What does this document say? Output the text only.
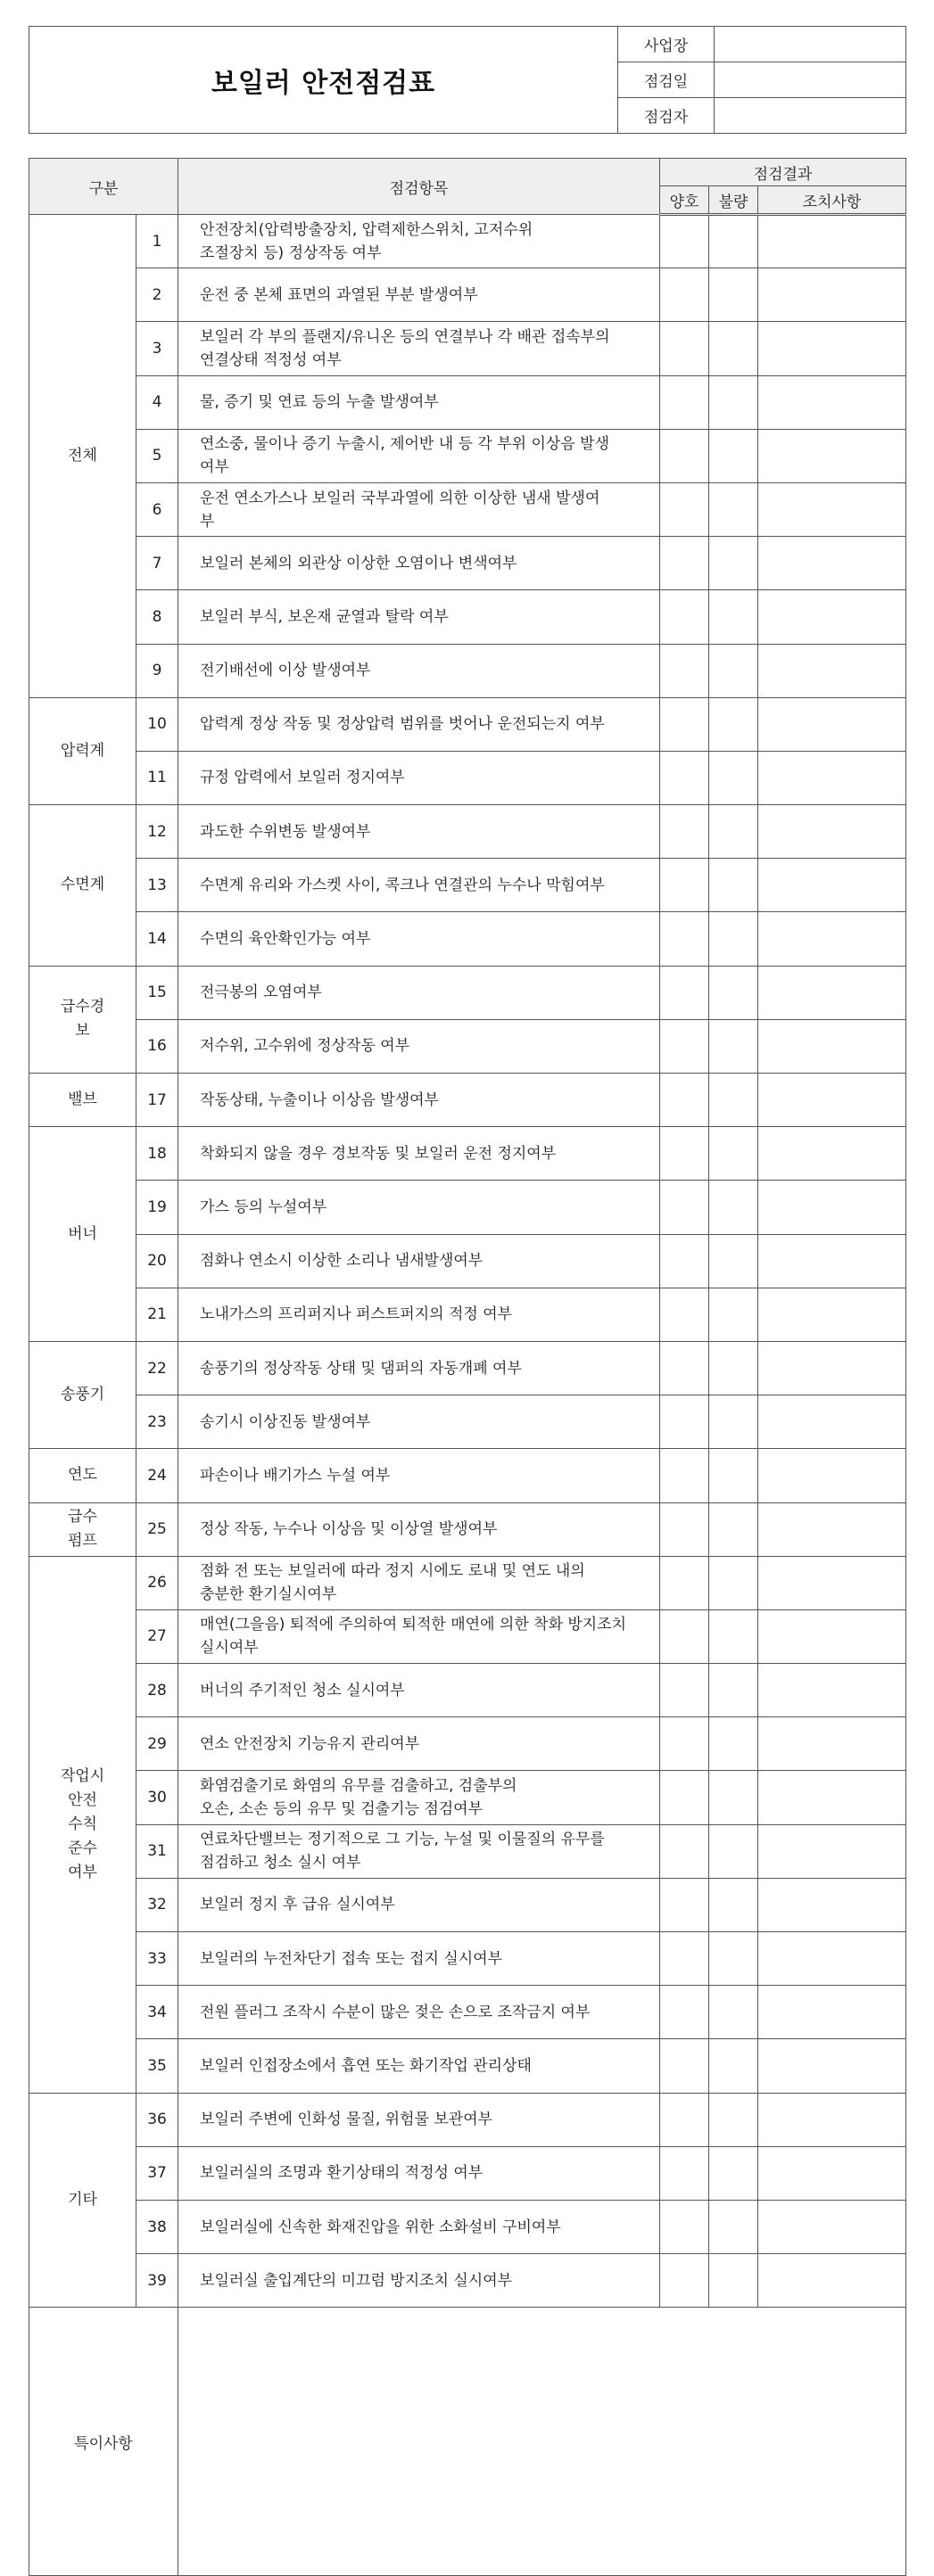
보일러 안전점검표	사업장	
	점검일	
	점검자	
구분		점검항목	점검결과		
			양호	불량	조치사항
전체	1	안전장치(압력방출장치, 압력제한스위치, 고저수위
조절장치 등) 정상작동 여부			
	2	운전 중 본체 표면의 과열된 부분 발생여부			
	3	보일러 각 부의 플랜지/유니온 등의 연결부나 각 배관 접속부의
연결상태 적정성 여부			
	4	물, 증기 및 연료 등의 누출 발생여부			
	5	연소중, 물이나 증기 누출시, 제어반 내 등 각 부위 이상음 발생
여부			
	6	운전 연소가스나 보일러 국부과열에 의한 이상한 냄새 발생여
부			
	7	보일러 본체의 외관상 이상한 오염이나 변색여부			
	8	보일러 부식, 보온재 균열과 탈락 여부			
	9	전기배선에 이상 발생여부			
압력계	10	압력계 정상 작동 및 정상압력 범위를 벗어나 운전되는지 여부			
	11	규정 압력에서 보일러 정지여부			
수면계	12	과도한 수위변동 발생여부			
	13	수면계 유리와 가스켓 사이, 콕크나 연결관의 누수나 막힘여부			
	14	수면의 육안확인가능 여부			
급수경
보	15	전극봉의 오염여부			
	16	저수위, 고수위에 정상작동 여부			
밸브	17	작동상태, 누출이나 이상음 발생여부			
버너	18	착화되지 않을 경우 경보작동 및 보일러 운전 정지여부			
	19	가스 등의 누설여부			
	20	점화나 연소시 이상한 소리나 냄새발생여부			
	21	노내가스의 프리퍼지나 퍼스트퍼지의 적정 여부			
송풍기	22	송풍기의 정상작동 상태 및 댐퍼의 자동개폐 여부			
	23	송기시 이상진동 발생여부			
연도	24	파손이나 배기가스 누설 여부			
급수
펌프	25	정상 작동, 누수나 이상음 및 이상열 발생여부			
작업시
안전
수칙
준수
여부	26	점화 전 또는 보일러에 따라 정지 시에도 로내 및 연도 내의
충분한 환기실시여부			
	27	매연(그을음) 퇴적에 주의하여 퇴적한 매연에 의한 착화 방지조치
실시여부			
	28	버너의 주기적인 청소 실시여부			
	29	연소 안전장치 기능유지 관리여부			
	30	화염검출기로 화염의 유무를 검출하고, 검출부의
오손, 소손 등의 유무 및 검출기능 점검여부			
	31	연료차단밸브는 정기적으로 그 기능, 누설 및 이물질의 유무를
점검하고 청소 실시 여부			
	32	보일러 정지 후 급유 실시여부			
	33	보일러의 누전차단기 접속 또는 접지 실시여부			
	34	전원 플러그 조작시 수분이 많은 젖은 손으로 조작금지 여부			
	35	보일러 인접장소에서 흡연 또는 화기작업 관리상태			
기타	36	보일러 주변에 인화성 물질, 위험물 보관여부			
	37	보일러실의 조명과 환기상태의 적정성 여부			
	38	보일러실에 신속한 화재진압을 위한 소화설비 구비여부			
	39	보일러실 출입계단의 미끄럼 방지조치 실시여부			
특이사항					
